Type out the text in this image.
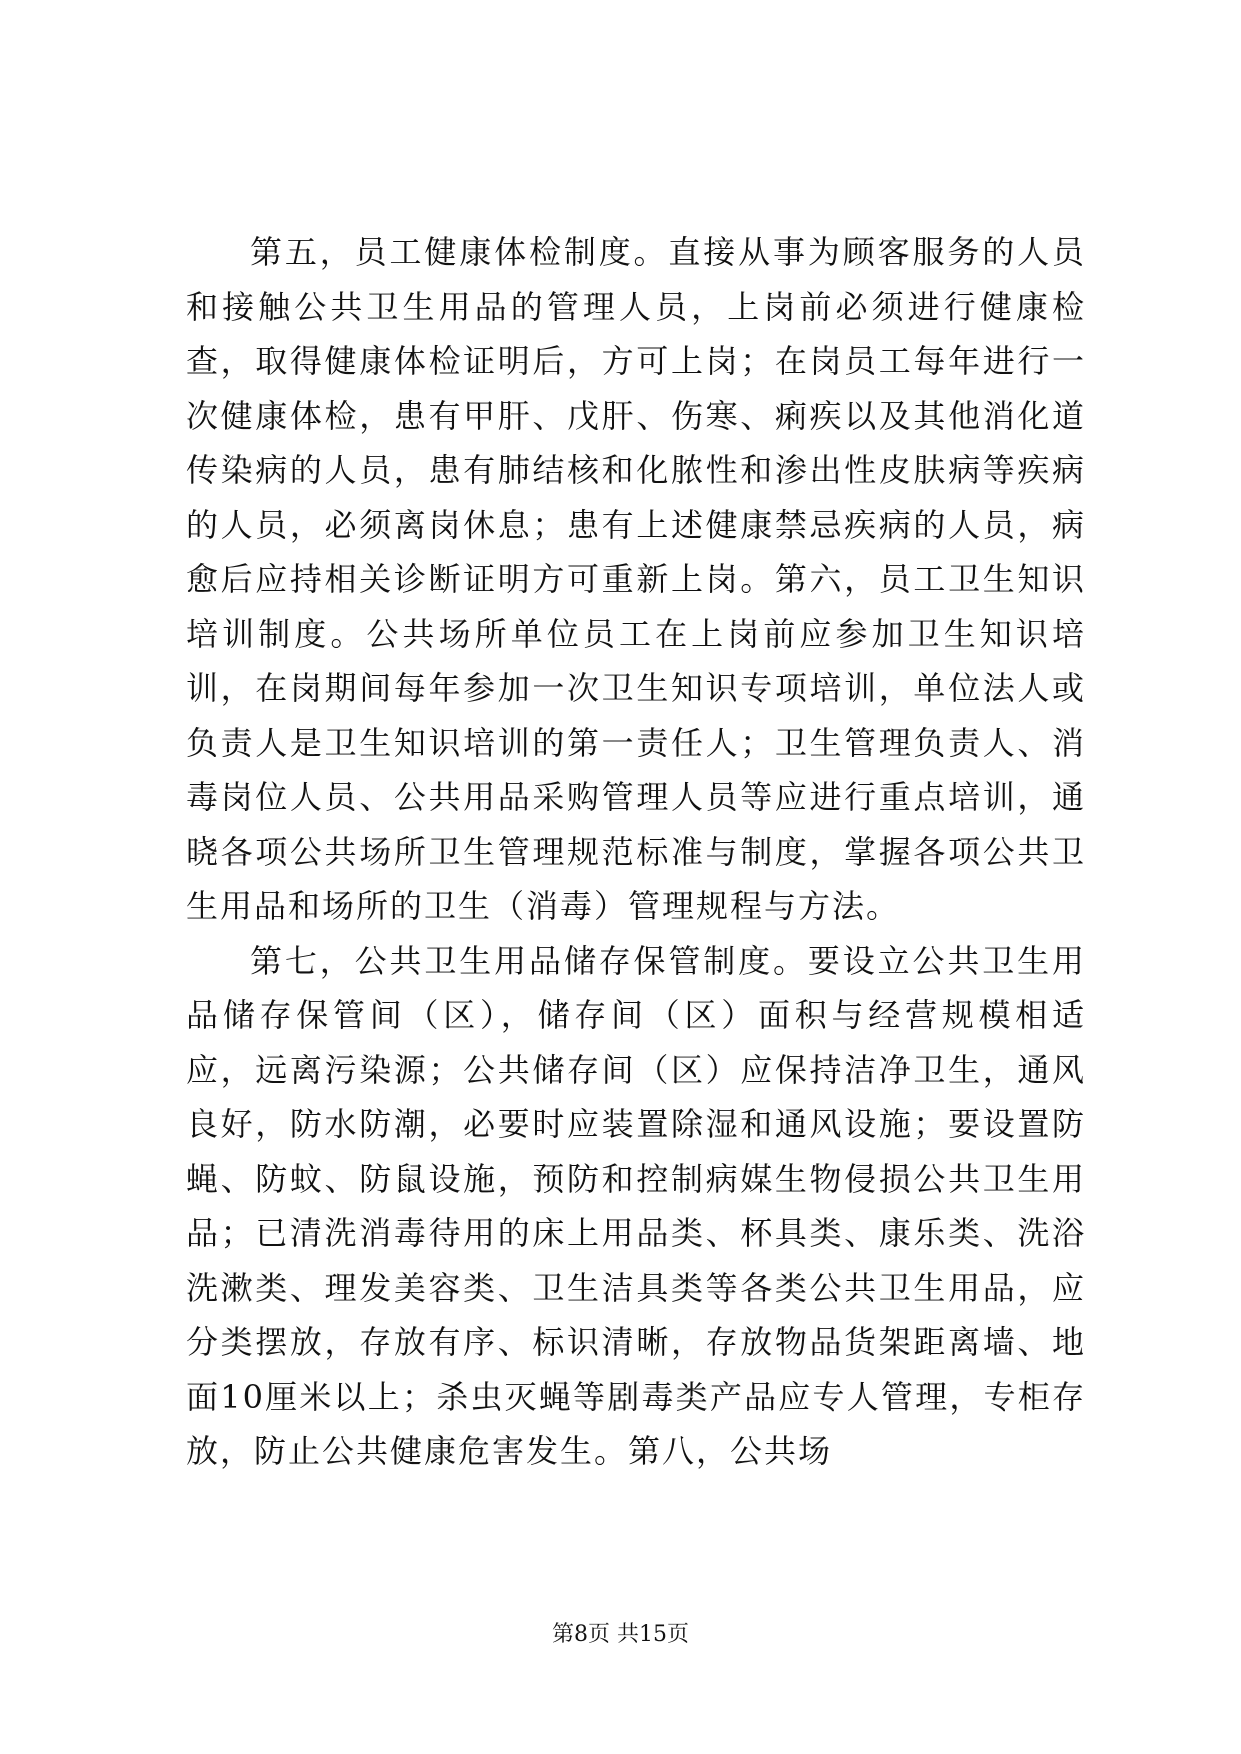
第五，员工健康体检制度。直接从事为顾客服务的人员和接触公共卫生用品的管理人员，上岗前必须进行健康检查，取得健康体检证明后，方可上岗；在岗员工每年进行一次健康体检，患有甲肝、戊肝、伤寒、痢疾以及其他消化道传染病的人员，患有肺结核和化脓性和渗出性皮肤病等疾病的人员，必须离岗休息；患有上述健康禁忌疾病的人员，病愈后应持相关诊断证明方可重新上岗。第六，员工卫生知识培训制度。公共场所单位员工在上岗前应参加卫生知识培训，在岗期间每年参加一次卫生知识专项培训，单位法人或负责人是卫生知识培训的第一责任人；卫生管理负责人、消毒岗位人员、公共用品采购管理人员等应进行重点培训，通晓各项公共场所卫生管理规范标准与制度，掌握各项公共卫生用品和场所的卫生（消毒）管理规程与方法。

第七，公共卫生用品储存保管制度。要设立公共卫生用品储存保管间（区），储存间（区）面积与经营规模相适应，远离污染源；公共储存间（区）应保持洁净卫生，通风良好，防水防潮，必要时应装置除湿和通风设施；要设置防蝇、防蚊、防鼠设施，预防和控制病媒生物侵损公共卫生用品；已清洗消毒待用的床上用品类、杯具类、康乐类、洗浴洗漱类、理发美容类、卫生洁具类等各类公共卫生用品，应分类摆放，存放有序、标识清晰，存放物品货架距离墙、地面10厘米以上；杀虫灭蝇等剧毒类产品应专人管理，专柜存放，防止公共健康危害发生。第八，公共场

第8页 共15页
